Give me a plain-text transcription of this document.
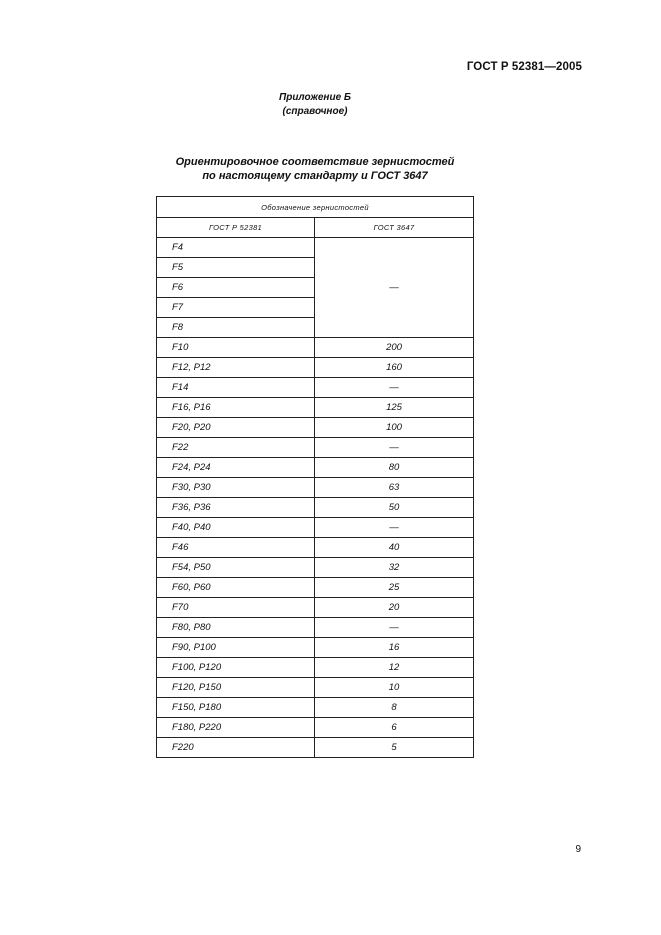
ГОСТ Р 52381—2005
Приложение Б
(справочное)
Ориентировочное соответствие зернистостей
по настоящему стандарту и ГОСТ 3647
Обозначение зернистостей	
ГОСТ Р 52381	ГОСТ 3647
F4	—
F5	
F6	
F7	
F8	
F10	200
F12, P12	160
F14	—
F16, P16	125
F20, P20	100
F22	—
F24, P24	80
F30, P30	63
F36, P36	50
F40, P40	—
F46	40
F54, P50	32
F60, P60	25
F70	20
F80, P80	—
F90, P100	16
F100, P120	12
F120, P150	10
F150, P180	8
F180, P220	6
F220	5
9
